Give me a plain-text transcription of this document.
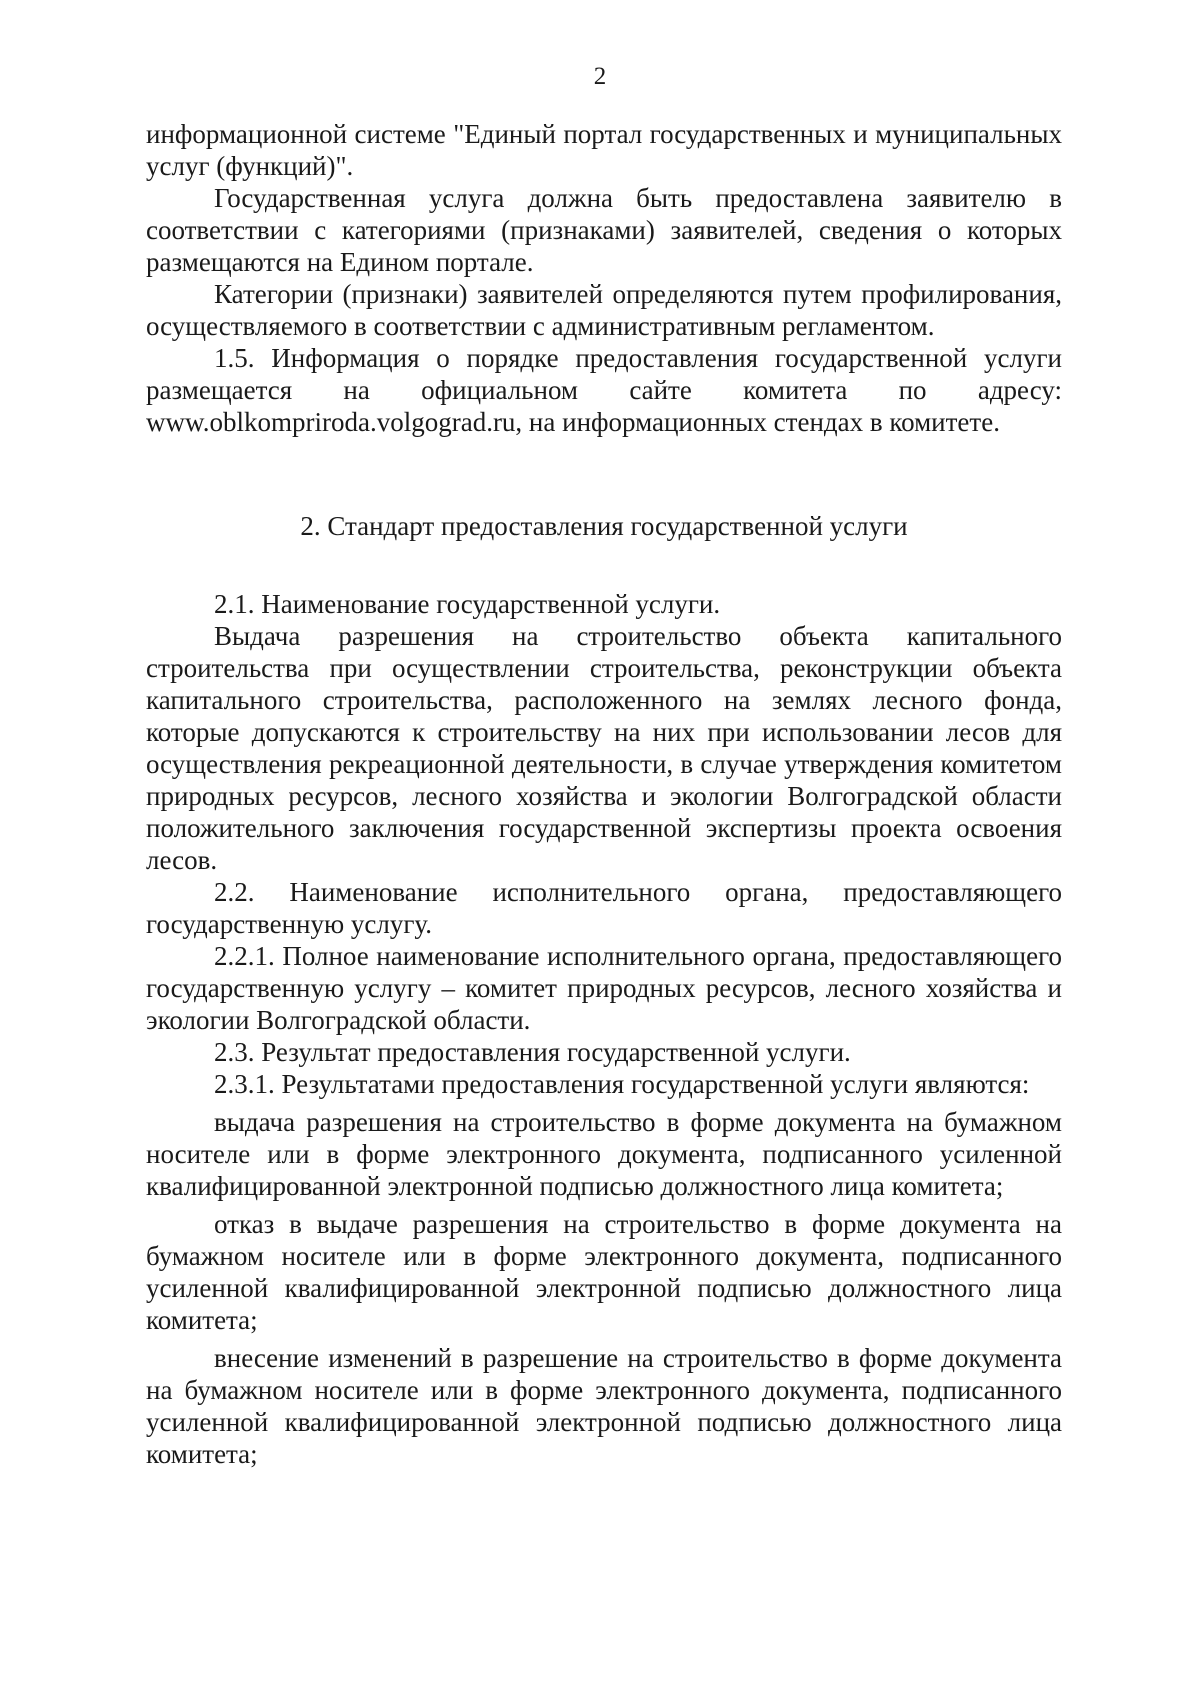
2

информационной системе "Единый портал государственных и муниципальных услуг (функций)".

Государственная услуга должна быть предоставлена заявителю в соответствии с категориями (признаками) заявителей, сведения о которых размещаются на Едином портале.

Категории (признаки) заявителей определяются путем профилирования, осуществляемого в соответствии с административным регламентом.

1.5. Информация о порядке предоставления государственной услуги размещается на официальном сайте комитета по адресу: www.oblkompriroda.volgograd.ru, на информационных стендах в комитете.

2. Стандарт предоставления государственной услуги

2.1. Наименование государственной услуги.

Выдача разрешения на строительство объекта капитального строительства при осуществлении строительства, реконструкции объекта капитального строительства, расположенного на землях лесного фонда, которые допускаются к строительству на них при использовании лесов для осуществления рекреационной деятельности, в случае утверждения комитетом природных ресурсов, лесного хозяйства и экологии Волгоградской области положительного заключения государственной экспертизы проекта освоения лесов.

2.2. Наименование исполнительного органа, предоставляющего государственную услугу.

2.2.1. Полное наименование исполнительного органа, предоставляющего государственную услугу – комитет природных ресурсов, лесного хозяйства и экологии Волгоградской области.

2.3. Результат предоставления государственной услуги.

2.3.1. Результатами предоставления государственной услуги являются:

выдача разрешения на строительство в форме документа на бумажном носителе или в форме электронного документа, подписанного усиленной квалифицированной электронной подписью должностного лица комитета;

отказ в выдаче разрешения на строительство в форме документа на бумажном носителе или в форме электронного документа, подписанного усиленной квалифицированной электронной подписью должностного лица комитета;

внесение изменений в разрешение на строительство в форме документа на бумажном носителе или в форме электронного документа, подписанного усиленной квалифицированной электронной подписью должностного лица комитета;
